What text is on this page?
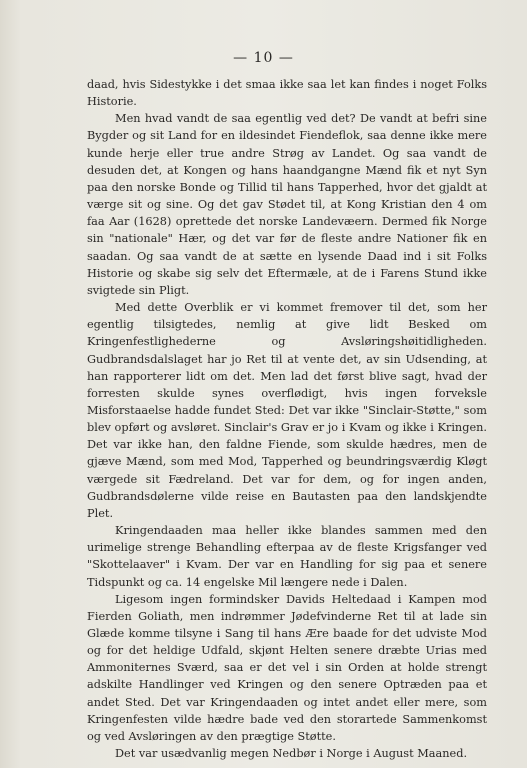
— 10 —

daad, hvis Sidestykke i det smaa ikke saa let kan findes i noget Folks Historie.

Men hvad vandt de saa egentlig ved det? De vandt at befri sine Bygder og sit Land for en ildesindet Fiendeflok, saa denne ikke mere kunde herje eller true andre Strøg av Landet. Og saa vandt de desuden det, at Kongen og hans haandgangne Mænd fik et nyt Syn paa den norske Bonde og Tillid til hans Tapperhed, hvor det gjaldt at værge sit og sine. Og det gav Stødet til, at Kong Kristian den 4 om faa Aar (1628) oprettede det norske Landevæern. Dermed fik Norge sin "nationale" Hær, og det var før de fleste andre Nationer fik en saadan. Og saa vandt de at sætte en lysende Daad ind i sit Folks Historie og skabe sig selv det Eftermæle, at de i Farens Stund ikke svigtede sin Pligt.

Med dette Overblik er vi kommet fremover til det, som her egentlig tilsigtedes, nemlig at give lidt Besked om Kringenfestlighederne og Avsløringshøitidligheden. Gudbrandsdalslaget har jo Ret til at vente det, av sin Udsending, at han rapporterer lidt om det. Men lad det først blive sagt, hvad der forresten skulde synes overflødigt, hvis ingen forveksle Misforstaaelse hadde fundet Sted: Det var ikke "Sinclair-Støtte," som blev opført og avsløret. Sinclair's Grav er jo i Kvam og ikke i Kringen. Det var ikke han, den faldne Fiende, som skulde hædres, men de gjæve Mænd, som med Mod, Tapperhed og beundringsværdig Kløgt værgede sit Fædreland. Det var for dem, og for ingen anden, Gudbrandsdølerne vilde reise en Bautasten paa den landskjendte Plet.

Kringendaaden maa heller ikke blandes sammen med den urimelige strenge Behandling efterpaa av de fleste Krigsfanger ved "Skottelaaver" i Kvam. Der var en Handling for sig paa et senere Tidspunkt og ca. 14 engelske Mil længere nede i Dalen.

Ligesom ingen formindsker Davids Heltedaad i Kampen mod Fierden Goliath, men indrømmer Jødefvinderne Ret til at lade sin Glæde komme tilsyne i Sang til hans Ære baade for det udviste Mod og for det heldige Udfald, skjønt Helten senere dræbte Urias med Ammoniternes Sværd, saa er det vel i sin Orden at holde strengt adskilte Handlinger ved Kringen og den senere Optræden paa et andet Sted. Det var Kringendaaden og intet andet eller mere, som Kringenfesten vilde hædre bade ved den storartede Sammenkomst og ved Avsløringen av den prægtige Støtte.

Det var usædvanlig megen Nedbør i Norge i August Maaned.
